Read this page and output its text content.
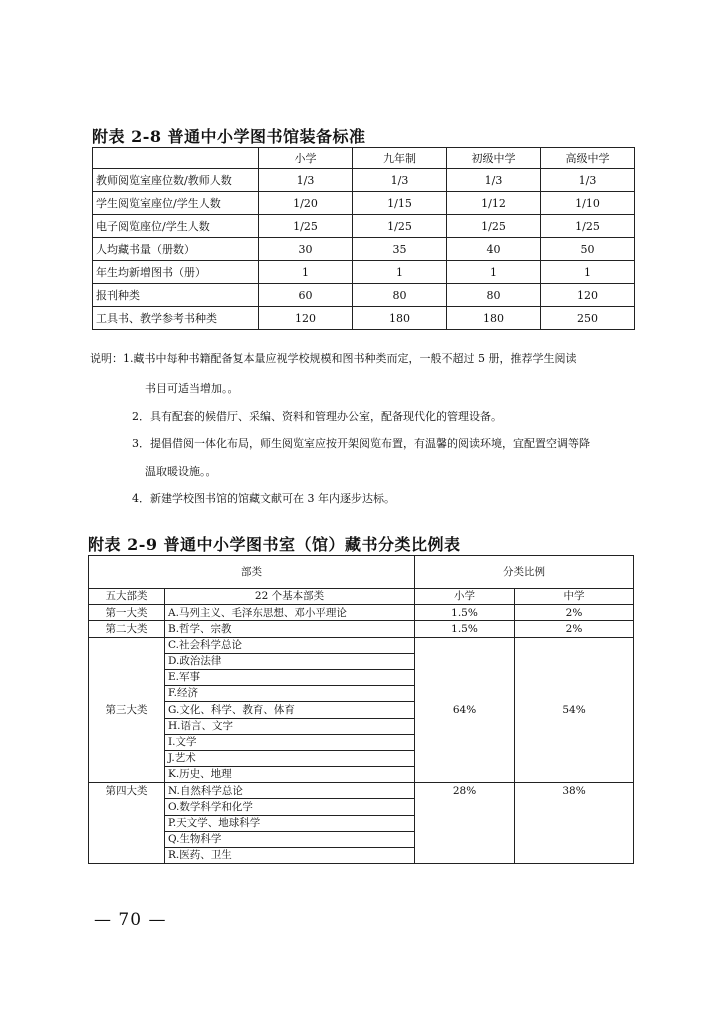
附表 2-8 普通中小学图书馆装备标准
	小学	九年制	初级中学	高级中学
教师阅览室座位数/教师人数	1/3	1/3	1/3	1/3
学生阅览室座位/学生人数	1/20	1/15	1/12	1/10
电子阅览座位/学生人数	1/25	1/25	1/25	1/25
人均藏书量（册数）	30	35	40	50
年生均新增图书（册）	1	1	1	1
报刊种类	60	80	80	120
工具书、教学参考书种类	120	180	180	250
说明：1.藏书中每种书籍配备复本量应视学校规模和图书种类而定，一般不超过 5 册，推荐学生阅读
书目可适当增加。。
2．具有配套的候借厅、采编、资料和管理办公室，配备现代化的管理设备。
3．提倡借阅一体化布局，师生阅览室应按开架阅览布置，有温馨的阅读环境，宜配置空调等降
温取暖设施。。
4．新建学校图书馆的馆藏文献可在 3 年内逐步达标。
附表 2-9 普通中小学图书室（馆）藏书分类比例表
部类		分类比例	
五大部类	22 个基本部类	小学	中学
第一大类	A.马列主义、毛泽东思想、邓小平理论	1.5%	2%
第二大类	B.哲学、宗教	1.5%	2%
第三大类	C.社会科学总论	64%	54%
	D.政治法律		
	E.军事		
	F.经济		
	G.文化、科学、教育、体育		
	H.语言、文字		
	I.文学		
	J.艺术		
	K.历史、地理		
第四大类	N.自然科学总论	28%	38%
	O.数学科学和化学		
	P.天文学、地球科学		
	Q.生物科学		
	R.医药、卫生		
— 70 —
